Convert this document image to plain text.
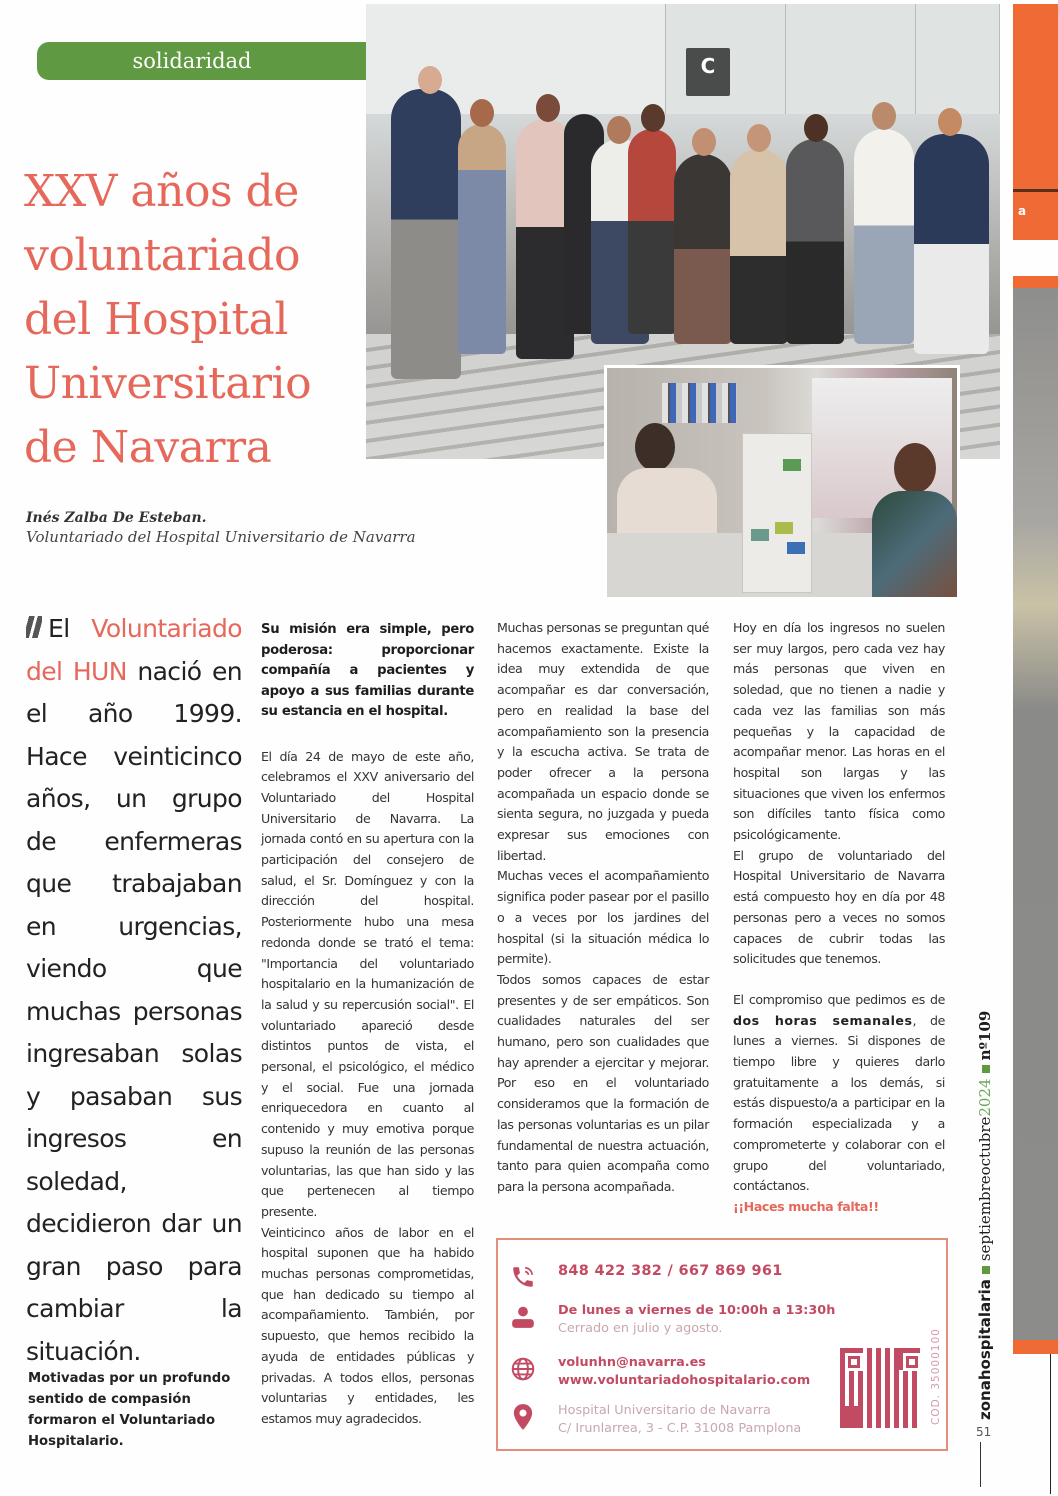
solidaridad
XXV años de
voluntariado
del Hospital
Universitario
de Navarra
Inés Zalba De Esteban.
Voluntariado del Hospital Universitario de Navarra
C
a
zonahospitalariaseptiembreoctubre2024nº109
51
El Voluntariado del HUN nació en el año 1999. Hace veinticinco años, un grupo de enfermeras que trabajaban en urgencias, viendo que muchas personas ingresaban solas y pasaban sus ingresos en soledad, decidieron dar un gran paso para cambiar la situación.
Motivadas por un profundo sentido de compasión formaron el Voluntariado Hospitalario.

Su misión era simple, pero poderosa: proporcionar compañía a pacientes y apoyo a sus familias durante su estancia en el hospital.

El día 24 de mayo de este año, celebramos el XXV aniversario del Voluntariado del Hospital Universitario de Navarra. La jornada contó en su apertura con la participación del consejero de salud, el Sr. Domínguez y con la dirección del hospital. Posteriormente hubo una mesa redonda donde se trató el tema: "Importancia del voluntariado hospitalario en la humanización de la salud y su repercusión social". El voluntariado apareció desde distintos puntos de vista, el personal, el psicológico, el médico y el social. Fue una jornada enriquecedora en cuanto al contenido y muy emotiva porque supuso la reunión de las personas voluntarias, las que han sido y las que pertenecen al tiempo presente.

Veinticinco años de labor en el hospital suponen que ha habido muchas personas comprometidas, que han dedicado su tiempo al acompañamiento. También, por supuesto, que hemos recibido la ayuda de entidades públicas y privadas. A todos ellos, personas voluntarias y entidades, les estamos muy agradecidos.

Muchas personas se preguntan qué hacemos exactamente. Existe la idea muy extendida de que acompañar es dar conversación, pero en realidad la base del acompañamiento son la presencia y la escucha activa. Se trata de poder ofrecer a la persona acompañada un espacio donde se sienta segura, no juzgada y pueda expresar sus emociones con libertad.

Muchas veces el acompañamiento significa poder pasear por el pasillo o a veces por los jardines del hospital (si la situación médica lo permite).

Todos somos capaces de estar presentes y de ser empáticos. Son cualidades naturales del ser humano, pero son cualidades que hay aprender a ejercitar y mejorar. Por eso en el voluntariado consideramos que la formación de las personas voluntarias es un pilar fundamental de nuestra actuación, tanto para quien acompaña como para la persona acompañada.

Hoy en día los ingresos no suelen ser muy largos, pero cada vez hay más personas que viven en soledad, que no tienen a nadie y cada vez las familias son más pequeñas y la capacidad de acompañar menor. Las horas en el hospital son largas y las situaciones que viven los enfermos son difíciles tanto física como psicológicamente.

El grupo de voluntariado del Hospital Universitario de Navarra está compuesto hoy en día por 48 personas pero a veces no somos capaces de cubrir todas las solicitudes que tenemos.

El compromiso que pedimos es de dos horas semanales, de lunes a viernes. Si dispones de tiempo libre y quieres darlo gratuitamente a los demás, si estás dispuesto/a a participar en la formación especializada y a comprometerte y colaborar con el grupo del voluntariado, contáctanos.

¡¡Haces mucha falta!!

848 422 382 / 667 869 961
De lunes a viernes de 10:00h a 13:30h
Cerrado en julio y agosto.
volunhn@navarra.es
www.voluntariadohospitalario.com
Hospital Universitario de Navarra
C/ Irunlarrea, 3 - C.P. 31008 Pamplona
COD. 35000100
